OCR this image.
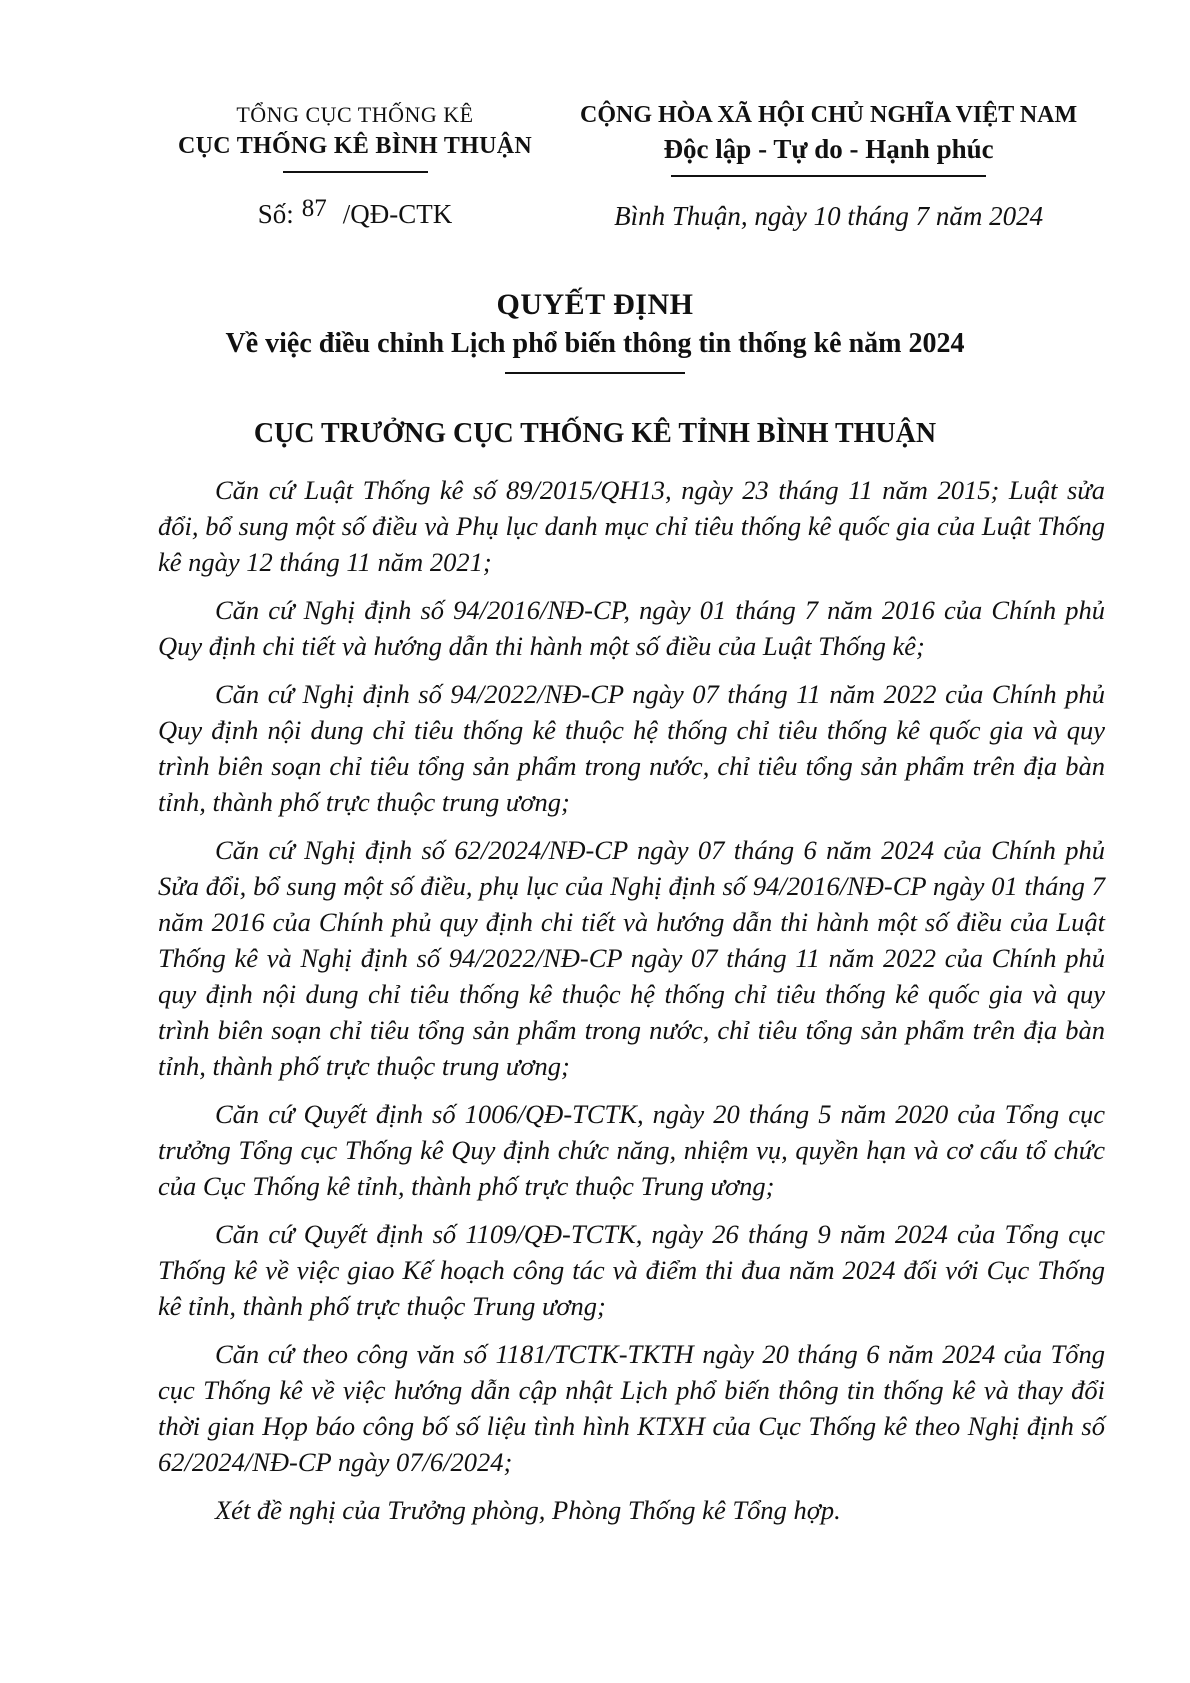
TỔNG CỤC THỐNG KÊ
CỤC THỐNG KÊ BÌNH THUẬN
Số: 87 /QĐ-CTK
CỘNG HÒA XÃ HỘI CHỦ NGHĨA VIỆT NAM
Độc lập - Tự do - Hạnh phúc
Bình Thuận, ngày 10 tháng 7 năm 2024
QUYẾT ĐỊNH
Về việc điều chỉnh Lịch phổ biến thông tin thống kê năm 2024
CỤC TRƯỞNG CỤC THỐNG KÊ TỈNH BÌNH THUẬN

Căn cứ Luật Thống kê số 89/2015/QH13, ngày 23 tháng 11 năm 2015; Luật sửa đổi, bổ sung một số điều và Phụ lục danh mục chỉ tiêu thống kê quốc gia của Luật Thống kê ngày 12 tháng 11 năm 2021;

Căn cứ Nghị định số 94/2016/NĐ-CP, ngày 01 tháng 7 năm 2016 của Chính phủ Quy định chi tiết và hướng dẫn thi hành một số điều của Luật Thống kê;

Căn cứ Nghị định số 94/2022/NĐ-CP ngày 07 tháng 11 năm 2022 của Chính phủ Quy định nội dung chỉ tiêu thống kê thuộc hệ thống chỉ tiêu thống kê quốc gia và quy trình biên soạn chỉ tiêu tổng sản phẩm trong nước, chỉ tiêu tổng sản phẩm trên địa bàn tỉnh, thành phố trực thuộc trung ương;

Căn cứ Nghị định số 62/2024/NĐ-CP ngày 07 tháng 6 năm 2024 của Chính phủ Sửa đổi, bổ sung một số điều, phụ lục của Nghị định số 94/2016/NĐ-CP ngày 01 tháng 7 năm 2016 của Chính phủ quy định chi tiết và hướng dẫn thi hành một số điều của Luật Thống kê và Nghị định số 94/2022/NĐ-CP ngày 07 tháng 11 năm 2022 của Chính phủ quy định nội dung chỉ tiêu thống kê thuộc hệ thống chỉ tiêu thống kê quốc gia và quy trình biên soạn chỉ tiêu tổng sản phẩm trong nước, chỉ tiêu tổng sản phẩm trên địa bàn tỉnh, thành phố trực thuộc trung ương;

Căn cứ Quyết định số 1006/QĐ-TCTK, ngày 20 tháng 5 năm 2020 của Tổng cục trưởng Tổng cục Thống kê Quy định chức năng, nhiệm vụ, quyền hạn và cơ cấu tổ chức của Cục Thống kê tỉnh, thành phố trực thuộc Trung ương;

Căn cứ Quyết định số 1109/QĐ-TCTK, ngày 26 tháng 9 năm 2024 của Tổng cục Thống kê về việc giao Kế hoạch công tác và điểm thi đua năm 2024 đối với Cục Thống kê tỉnh, thành phố trực thuộc Trung ương;

Căn cứ theo công văn số 1181/TCTK-TKTH ngày 20 tháng 6 năm 2024 của Tổng cục Thống kê về việc hướng dẫn cập nhật Lịch phổ biến thông tin thống kê và thay đổi thời gian Họp báo công bố số liệu tình hình KTXH của Cục Thống kê theo Nghị định số 62/2024/NĐ-CP ngày 07/6/2024;

Xét đề nghị của Trưởng phòng, Phòng Thống kê Tổng hợp.
